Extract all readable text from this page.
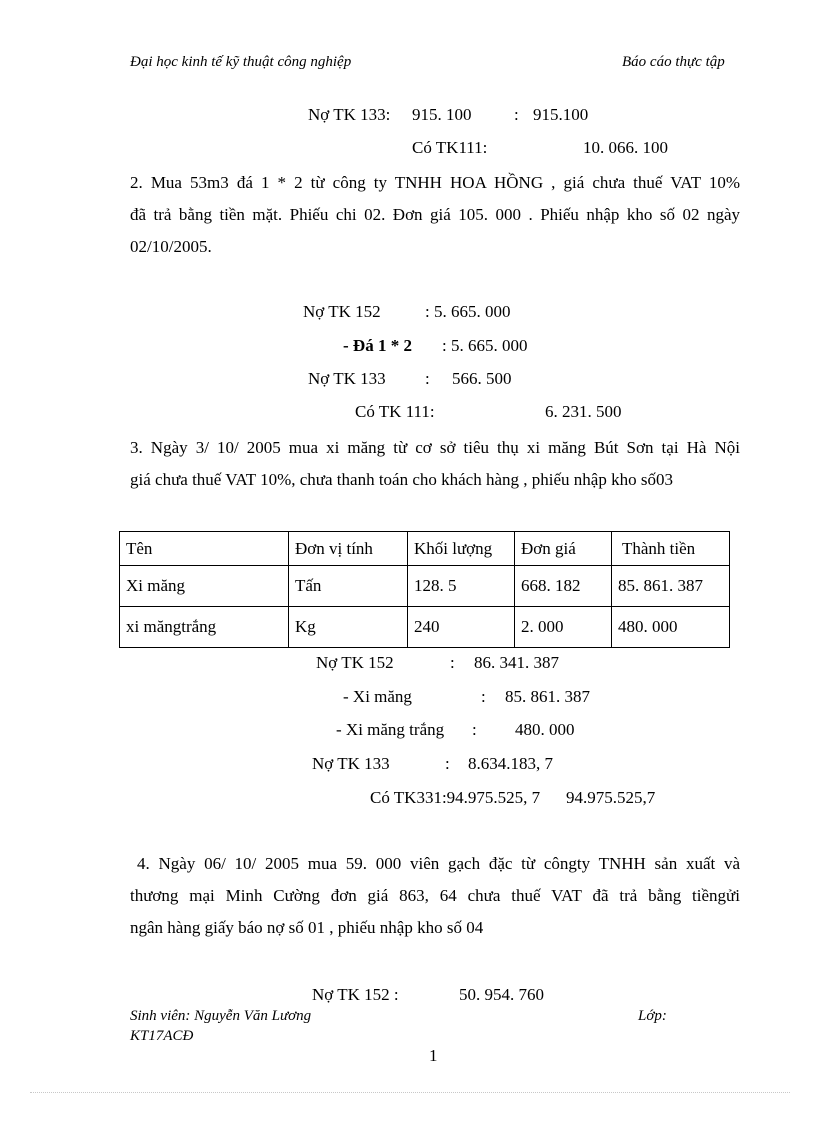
Đại học kinh tế kỹ thuật công nghiệp	Báo cáo thực tập
Nợ TK 133: 915. 100	: 915.100
Có TK111:	10. 066. 100
2. Mua 53m3 đá 1 * 2 từ công ty TNHH HOA HỒNG , giá chưa thuế VAT 10%
đã trả bằng tiền mặt. Phiếu chi 02. Đơn giá 105. 000 . Phiếu nhập kho số 02 ngày
02/10/2005.
Nợ TK 152	: 5. 665. 000
- Đá 1 * 2 : 5. 665. 000
Nợ TK 133 : 566. 500
Có TK 111:	6. 231. 500
3. Ngày 3/ 10/ 2005 mua xi măng từ cơ sở tiêu thụ xi măng Bút Sơn tại Hà Nội
giá chưa thuế VAT 10%, chưa thanh toán cho khách hàng , phiếu nhập kho số03
Tên	Đơn vị tính	Khối lượng	Đơn giá	Thành tiền
Xi măng	Tấn	128. 5	668. 182	85. 861. 387
xi măngtrắng	Kg	240	2. 000	480. 000
Nợ TK 152	: 86. 341. 387
- Xi măng	: 85. 861. 387
- Xi măng trắng : 480. 000
Nợ TK 133	: 8.634.183, 7
Có TK331:94.975.525, 7 94.975.525,7
4. Ngày 06/ 10/ 2005 mua 59. 000 viên gạch đặc từ côngty TNHH sản xuất và
thương mại Minh Cường đơn giá 863, 64 chưa thuế VAT đã trả bằng tiềngửi
ngân hàng giấy báo nợ số 01 , phiếu nhập kho số 04
Nợ TK 152 :	50. 954. 760
Sinh viên: Nguyễn Văn Lương	Lớp:
KT17ACĐ
1
